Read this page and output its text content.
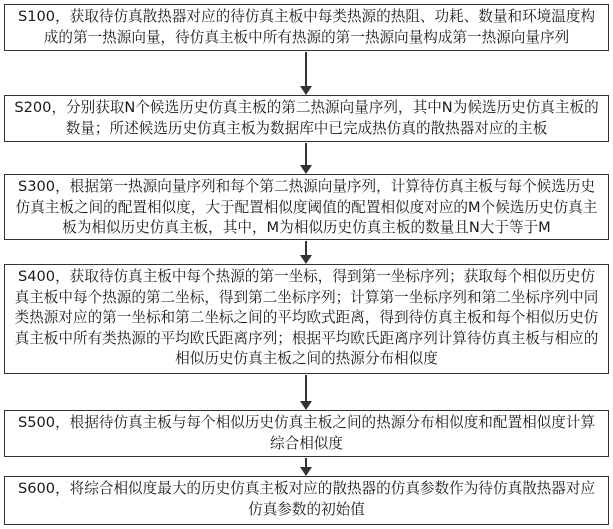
S100，获取待仿真散热器对应的待仿真主板中每类热源的热阻、功耗、数量和环境温度构成的第一热源向量，待仿真主板中所有热源的第一热源向量构成第一热源向量序列
S200，分别获取N个候选历史仿真主板的第二热源向量序列，其中N为候选历史仿真主板的数量；所述候选历史仿真主板为数据库中已完成热仿真的散热器对应的主板
S300，根据第一热源向量序列和每个第二热源向量序列，计算待仿真主板与每个候选历史仿真主板之间的配置相似度，大于配置相似度阈值的配置相似度对应的M个候选历史仿真主板为相似历史仿真主板，其中，M为相似历史仿真主板的数量且N大于等于M
S400，获取待仿真主板中每个热源的第一坐标，得到第一坐标序列；获取每个相似历史仿真主板中每个热源的第二坐标，得到第二坐标序列；计算第一坐标序列和第二坐标序列中同类热源对应的第一坐标和第二坐标之间的平均欧式距离，得到待仿真主板和每个相似历史仿真主板中所有类热源的平均欧氏距离序列；根据平均欧氏距离序列计算待仿真主板与相应的相似历史仿真主板之间的热源分布相似度
S500，根据待仿真主板与每个相似历史仿真主板之间的热源分布相似度和配置相似度计算综合相似度
S600，将综合相似度最大的历史仿真主板对应的散热器的仿真参数作为待仿真散热器对应仿真参数的初始值
